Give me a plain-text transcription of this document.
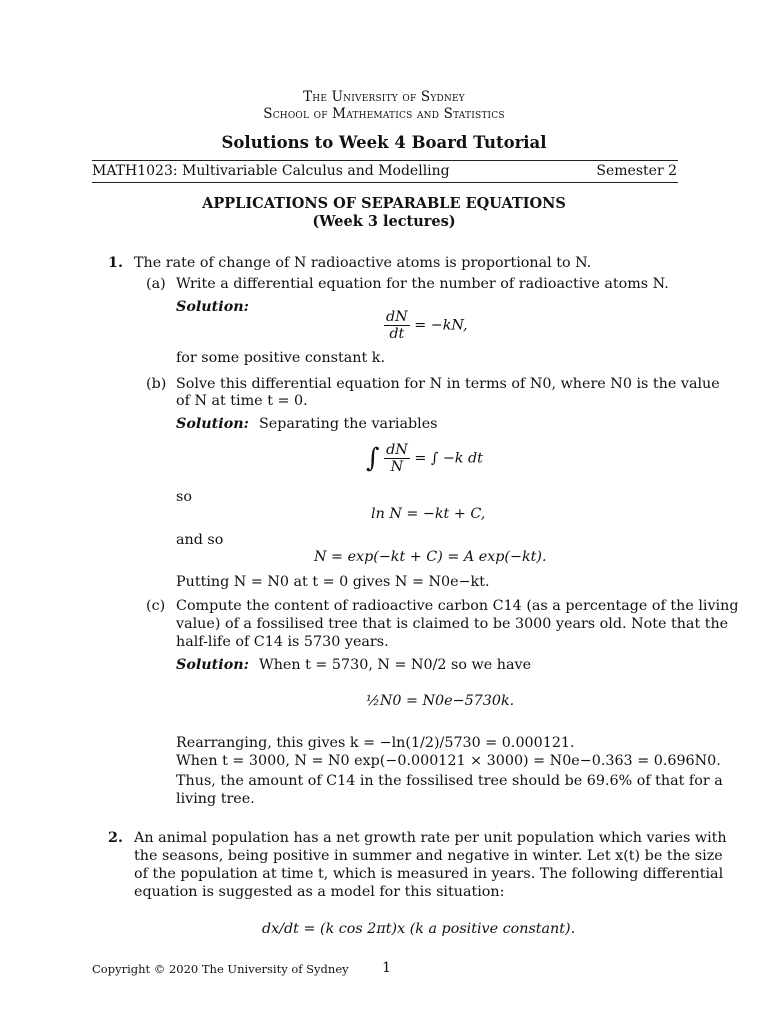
The University of Sydney
School of Mathematics and Statistics
Solutions to Week 4 Board Tutorial
MATH1023: Multivariable Calculus and Modelling	Semester 2
APPLICATIONS OF SEPARABLE EQUATIONS
(Week 3 lectures)
1. The rate of change of N radioactive atoms is proportional to N.
(a) Write a differential equation for the number of radioactive atoms N.
Solution:
$\frac{dN}{dt} = -kN$,
for some positive constant k.
(b) Solve this differential equation for N in terms of N0, where N0 is the value
of N at time t = 0.
Solution: Separating the variables
∫ $\frac{dN}{N}$ = ∫ −k dt
so
ln N = −kt + C,
and so
N = exp(−kt + C) = A exp(−kt).
Putting N = N0 at t = 0 gives N = N0e−kt.
(c) Compute the content of radioactive carbon C14 (as a percentage of the living
value) of a fossilised tree that is claimed to be 3000 years old. Note that the
half-life of C14 is 5730 years.
Solution: When t = 5730, N = N0/2 so we have
½N0 = N0e−5730k.
Rearranging, this gives k = −ln(1/2)/5730 = 0.000121.
When t = 3000, N = N0 exp(−0.000121 × 3000) = N0e−0.363 = 0.696N0.
Thus, the amount of C14 in the fossilised tree should be 69.6% of that for a
living tree.
2. An animal population has a net growth rate per unit population which varies with
the seasons, being positive in summer and negative in winter. Let x(t) be the size
of the population at time t, which is measured in years. The following differential
equation is suggested as a model for this situation:
dx/dt = (k cos 2πt)x (k a positive constant).
Copyright © 2020 The University of Sydney 1
